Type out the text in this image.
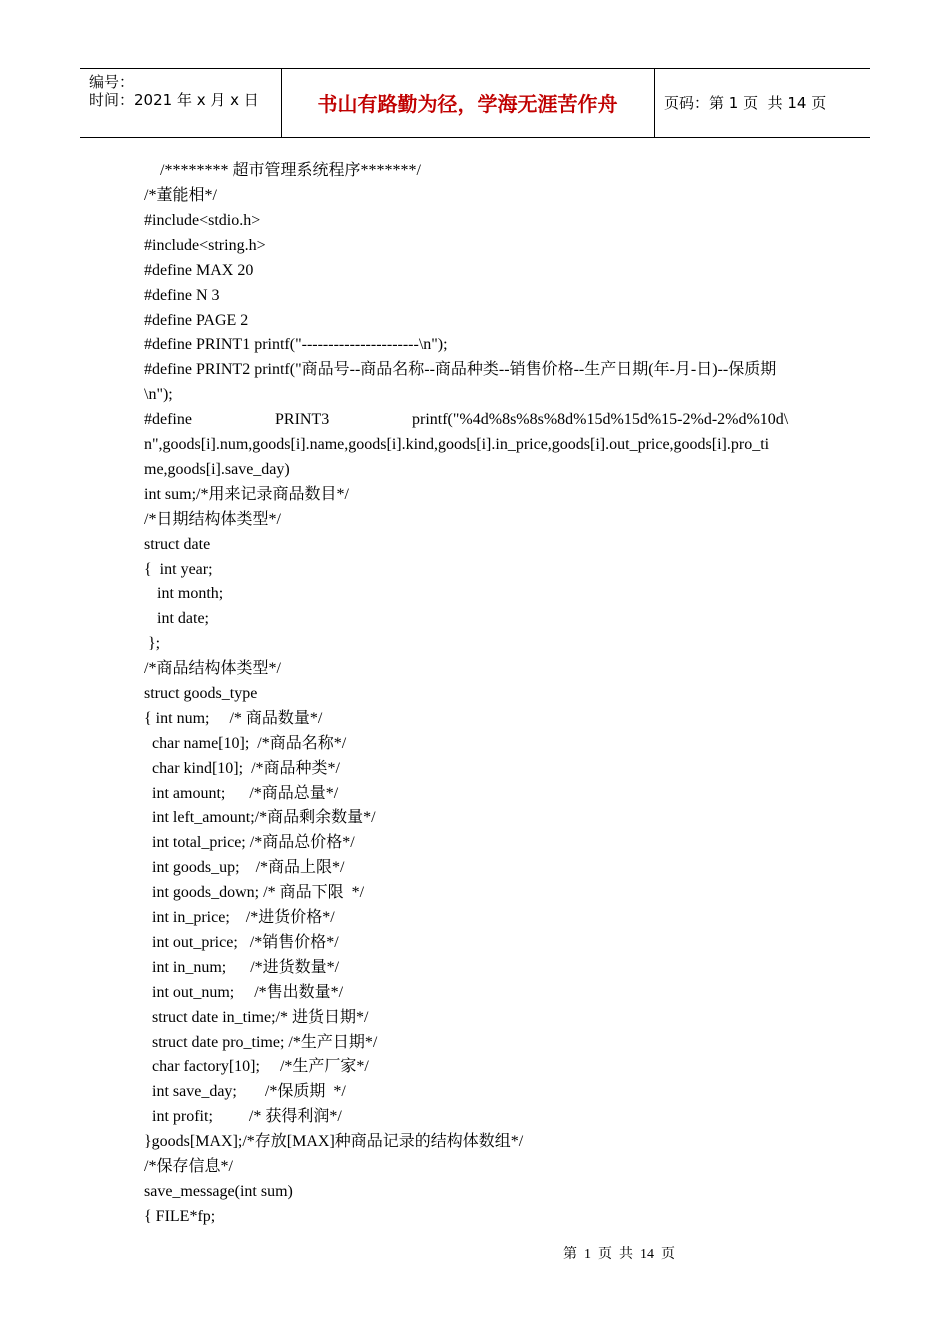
编号：
时间：2021 年 x 月 x 日	书山有路勤为径，学海无涯苦作舟	页码：第 1 页  共 14 页
/******** 超市管理系统程序*******/
/*董能相*/
#include<stdio.h>
#include<string.h>
#define MAX 20
#define N 3
#define PAGE 2
#define PRINT1 printf("----------------------\n");
#define PRINT2 printf("商品号--商品名称--商品种类--销售价格--生产日期(年-月-日)--保质期
\n");
#define	PRINT3	printf("%4d%8s%8s%8d%15d%15d%15-2%d-2%d%10d\
n",goods[i].num,goods[i].name,goods[i].kind,goods[i].in_price,goods[i].out_price,goods[i].pro_ti
me,goods[i].save_day)
int sum;/*用来记录商品数目*/
/*日期结构体类型*/
struct date
{  int year;
int month;
int date;
};
/*商品结构体类型*/
struct goods_type
{ int num;     /* 商品数量*/
char name[10];  /*商品名称*/
char kind[10];  /*商品种类*/
int amount;      /*商品总量*/
int left_amount;/*商品剩余数量*/
int total_price; /*商品总价格*/
int goods_up;    /*商品上限*/
int goods_down; /* 商品下限  */
int in_price;    /*进货价格*/
int out_price;   /*销售价格*/
int in_num;      /*进货数量*/
int out_num;     /*售出数量*/
struct date in_time;/* 进货日期*/
struct date pro_time; /*生产日期*/
char factory[10];     /*生产厂家*/
int save_day;       /*保质期  */
int profit;         /* 获得利润*/
}goods[MAX];/*存放[MAX]种商品记录的结构体数组*/
/*保存信息*/
save_message(int sum)
{ FILE*fp;
第  1  页  共  14  页
